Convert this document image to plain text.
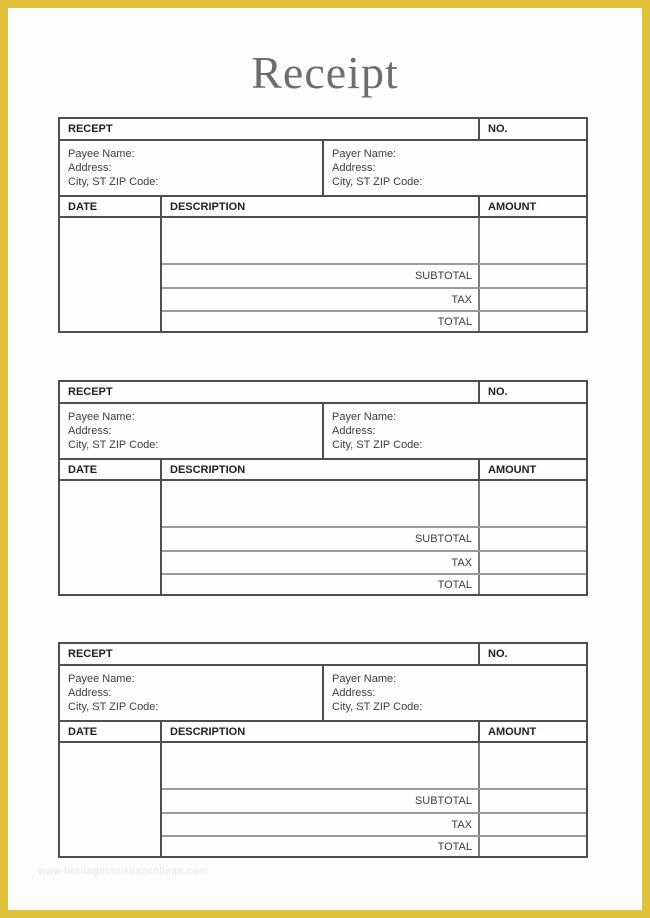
Receipt
RECEPT	NO.
Payee Name:
Address:
City, ST ZIP Code:
Payer Name:
Address:
City, ST ZIP Code:
DATE	DESCRIPTION	AMOUNT
SUBTOTAL
TAX
TOTAL
RECEPT	NO.
Payee Name:
Address:
City, ST ZIP Code:
Payer Name:
Address:
City, ST ZIP Code:
DATE	DESCRIPTION	AMOUNT
SUBTOTAL
TAX
TOTAL
RECEPT	NO.
Payee Name:
Address:
City, ST ZIP Code:
Payer Name:
Address:
City, ST ZIP Code:
DATE	DESCRIPTION	AMOUNT
SUBTOTAL
TAX
TOTAL
www.heritagechristiancollege.com
